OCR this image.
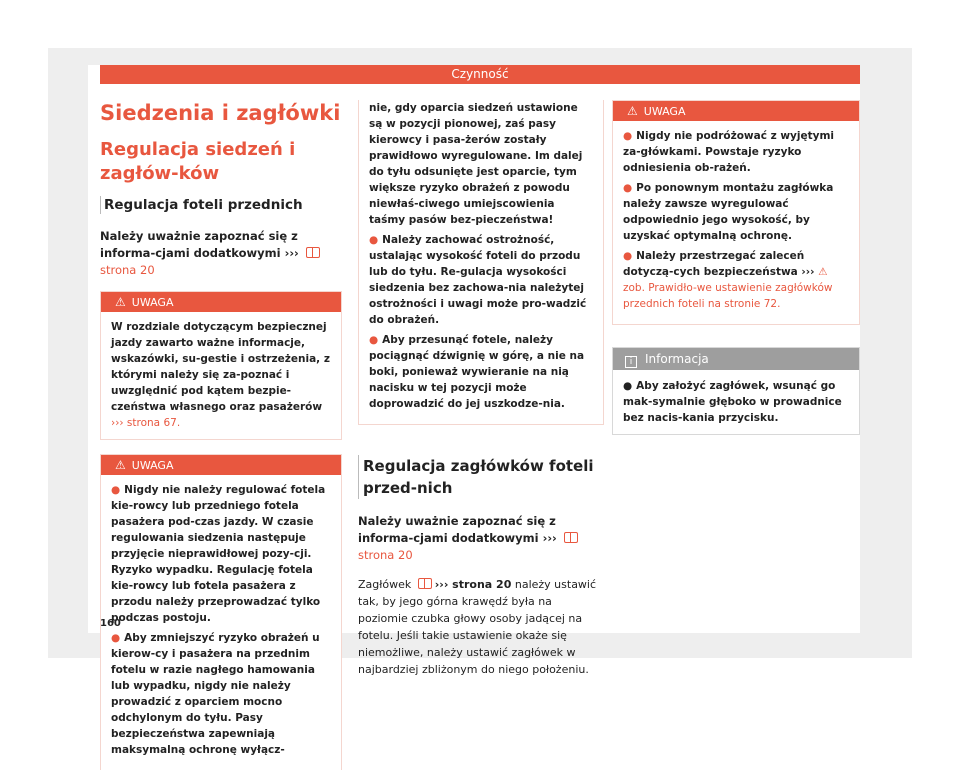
Czynność
Siedzenia i zagłówki
Regulacja siedzeń i zagłów-ków
Regulacja foteli przednich

Należy uważnie zapoznać się z informa-cjami dodatkowymi ›››  strona 20

⚠ UWAGA
W rozdziale dotyczącym bezpiecznej jazdy zawarto ważne informacje, wskazówki, su-gestie i ostrzeżenia, z którymi należy się za-poznać i uwzględnić pod kątem bezpie-czeństwa własnego oraz pasażerów
››› strona 67.
⚠ UWAGA

● Nigdy nie należy regulować fotela kie-rowcy lub przedniego fotela pasażera pod-czas jazdy. W czasie regulowania siedzenia następuje przyjęcie nieprawidłowej pozy-cji. Ryzyko wypadku. Regulację fotela kie-rowcy lub fotela pasażera z przodu należy przeprowadzać tylko podczas postoju.

● Aby zmniejszyć ryzyko obrażeń u kierow-cy i pasażera na przednim fotelu w razie nagłego hamowania lub wypadku, nigdy nie należy prowadzić z oparciem mocno odchylonym do tyłu. Pasy bezpieczeństwa zapewniają maksymalną ochronę wyłącz-

nie, gdy oparcia siedzeń ustawione są w pozycji pionowej, zaś pasy kierowcy i pasa-żerów zostały prawidłowo wyregulowane. Im dalej do tyłu odsunięte jest oparcie, tym większe ryzyko obrażeń z powodu niewłaś-ciwego umiejscowienia taśmy pasów bez-pieczeństwa!

● Należy zachować ostrożność, ustalając wysokość foteli do przodu lub do tyłu. Re-gulacja wysokości siedzenia bez zachowa-nia należytej ostrożności i uwagi może pro-wadzić do obrażeń.

● Aby przesunąć fotele, należy pociągnąć dźwignię w górę, a nie na boki, ponieważ wywieranie na nią nacisku w tej pozycji może doprowadzić do jej uszkodze-nia.

Regulacja zagłówków foteli przed-nich

Należy uważnie zapoznać się z informa-cjami dodatkowymi ›››  strona 20

Zagłówek ››› strona 20 należy ustawić tak, by jego górna krawędź była na poziomie czubka głowy osoby jadącej na fotelu. Jeśli takie ustawienie okaże się niemożliwe, należy ustawić zagłówek w najbardziej zbliżonym do niego położeniu.

⚠ UWAGA

● Nigdy nie podróżować z wyjętymi za-główkami. Powstaje ryzyko odniesienia ob-rażeń.

● Po ponownym montażu zagłówka należy zawsze wyregulować odpowiednio jego wysokość, by uzyskać optymalną ochronę.

● Należy przestrzegać zaleceń dotyczą-cych bezpieczeństwa ››› ⚠ zob. Prawidło-we ustawienie zagłówków przednich foteli na stronie 72.

i Informacja

● Aby założyć zagłówek, wsunąć go mak-symalnie głęboko w prowadnice bez nacis-kania przycisku.

160
